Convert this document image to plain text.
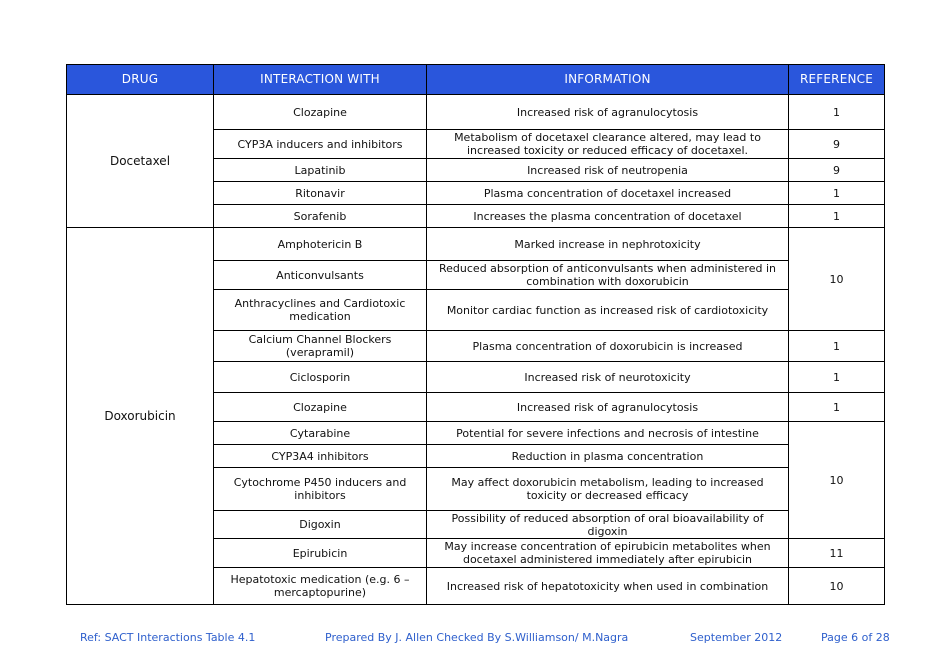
DRUG	INTERACTION WITH	INFORMATION	REFERENCE
Docetaxel	Clozapine	Increased risk of agranulocytosis	1
	CYP3A inducers and inhibitors	Metabolism of docetaxel clearance altered, may lead to increased toxicity or reduced efficacy of docetaxel.	9
	Lapatinib	Increased risk of neutropenia	9
	Ritonavir	Plasma concentration of docetaxel increased	1
	Sorafenib	Increases the plasma concentration of docetaxel	1
Doxorubicin	Amphotericin B	Marked increase in nephrotoxicity	10
	Anticonvulsants	Reduced absorption of anticonvulsants when administered in combination with doxorubicin	
	Anthracyclines and Cardiotoxic medication	Monitor cardiac function as increased risk of cardiotoxicity	
	Calcium Channel Blockers (verapramil)	Plasma concentration of doxorubicin is increased	1
	Ciclosporin	Increased risk of neurotoxicity	1
	Clozapine	Increased risk of agranulocytosis	1
	Cytarabine	Potential for severe infections and necrosis of intestine	10
	CYP3A4 inhibitors	Reduction in plasma concentration	
	Cytochrome P450 inducers and inhibitors	May affect doxorubicin metabolism, leading to increased toxicity or decreased efficacy	
	Digoxin	Possibility of reduced absorption of oral bioavailability of digoxin	
	Epirubicin	May increase concentration of epirubicin metabolites when docetaxel administered immediately after epirubicin	11
	Hepatotoxic medication (e.g. 6 – mercaptopurine)	Increased risk of hepatotoxicity when used in combination	10
Ref: SACT Interactions Table 4.1	Prepared By J. Allen Checked By S.Williamson/ M.Nagra	September 2012	Page 6 of 28
